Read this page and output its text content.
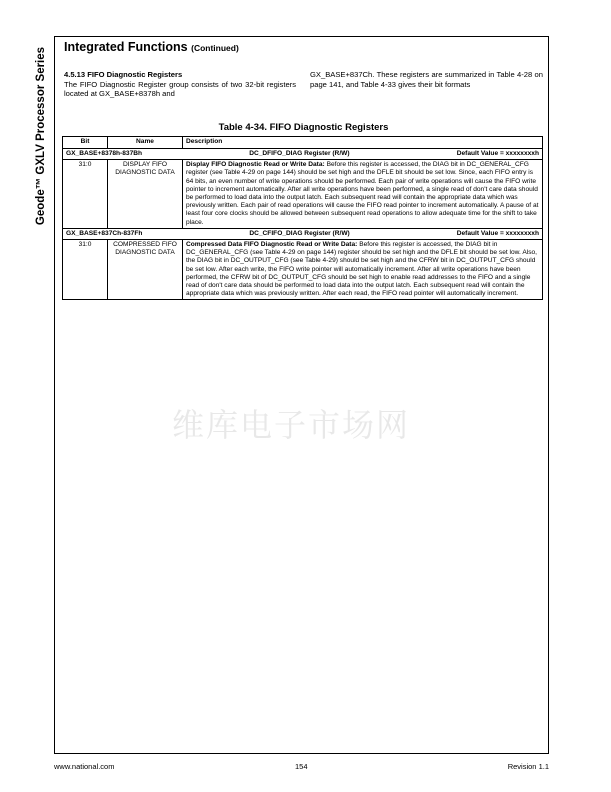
Geode™ GXLV Processor Series Integrated Functions (Continued)
4.5.13 FIFO Diagnostic Registers
The FIFO Diagnostic Register group consists of two 32-bit registers located at GX_BASE+8378h and
GX_BASE+837Ch. These registers are summarized in Table 4-28 on page 141, and Table 4-33 gives their bit formats
Table 4-34. FIFO Diagnostic Registers
Bit	Name	Description

GX_BASE+8378h-837Bh DC_DFIFO_DIAG Register (R/W) Default Value = xxxxxxxxh		

31:0	DISPLAY FIFO DIAGNOSTIC DATA	Display FIFO Diagnostic Read or Write Data: Before this register is accessed, the DIAG bit in DC_GENERAL_CFG register (see Table 4-29 on page 144) should be set high and the DFLE bit should be set low. Since, each FIFO entry is 64 bits, an even number of write operations should be performed. Each pair of write operations will cause the FIFO write pointer to increment automatically. After all write operations have been performed, a single read of don't care data should be performed to load data into the output latch. Each subsequent read will contain the appropriate data which was previously written. Each pair of read operations will cause the FIFO read pointer to increment automatically. A pause of at least four core clocks should be allowed between subsequent read operations to allow adequate time for the shift to take place.

GX_BASE+837Ch-837Fh DC_CFIFO_DIAG Register (R/W) Default Value = xxxxxxxxh		

31:0	COMPRESSED FIFO DIAGNOSTIC DATA	Compressed Data FIFO Diagnostic Read or Write Data: Before this register is accessed, the DIAG bit in DC_GENERAL_CFG (see Table 4-29 on page 144) register should be set high and the DFLE bit should be set low. Also, the DIAG bit in DC_OUTPUT_CFG (see Table 4-29) should be set high and the CFRW bit in DC_OUTPUT_CFG should be set low. After each write, the FIFO write pointer will automatically increment. After all write operations have been performed, the CFRW bit of DC_OUTPUT_CFG should be set high to enable read addresses to the FIFO and a single read of don't care data should be performed to load data into the output latch. Each subsequent read will contain the appropriate data which was previously written. After each read, the FIFO read pointer will automatically increment.
维库电子市场网
www.national.com	154	Revision 1.1
